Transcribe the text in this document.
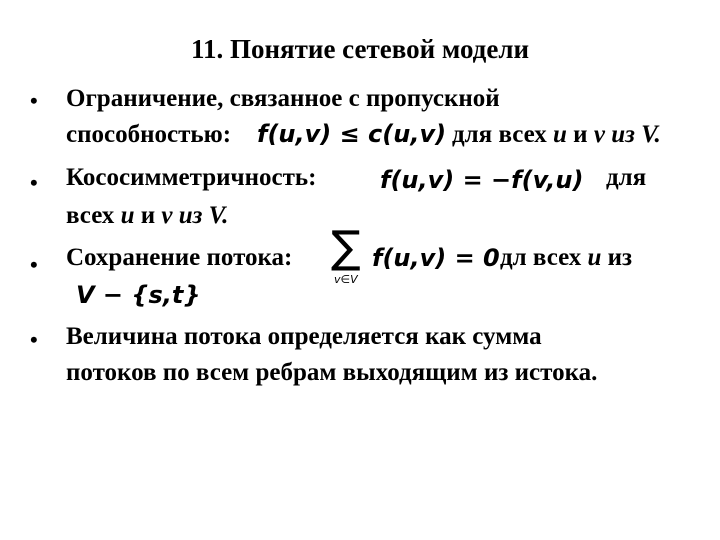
11. Понятие сетевой модели
• Ограничение, связанное с пропускной
способностью: f(u,v) ≤ c(u,v) для всех u и v из V.
• Кососимметричность:	f(u,v) = −f(v,u) для
всех u и v из V.
• Сохранение потока: ∑
v∈V
f(u,v) = 0 дл всех u из
V − {s,t}
• Величина потока определяется как сумма
потоков по всем ребрам выходящим из истока.
